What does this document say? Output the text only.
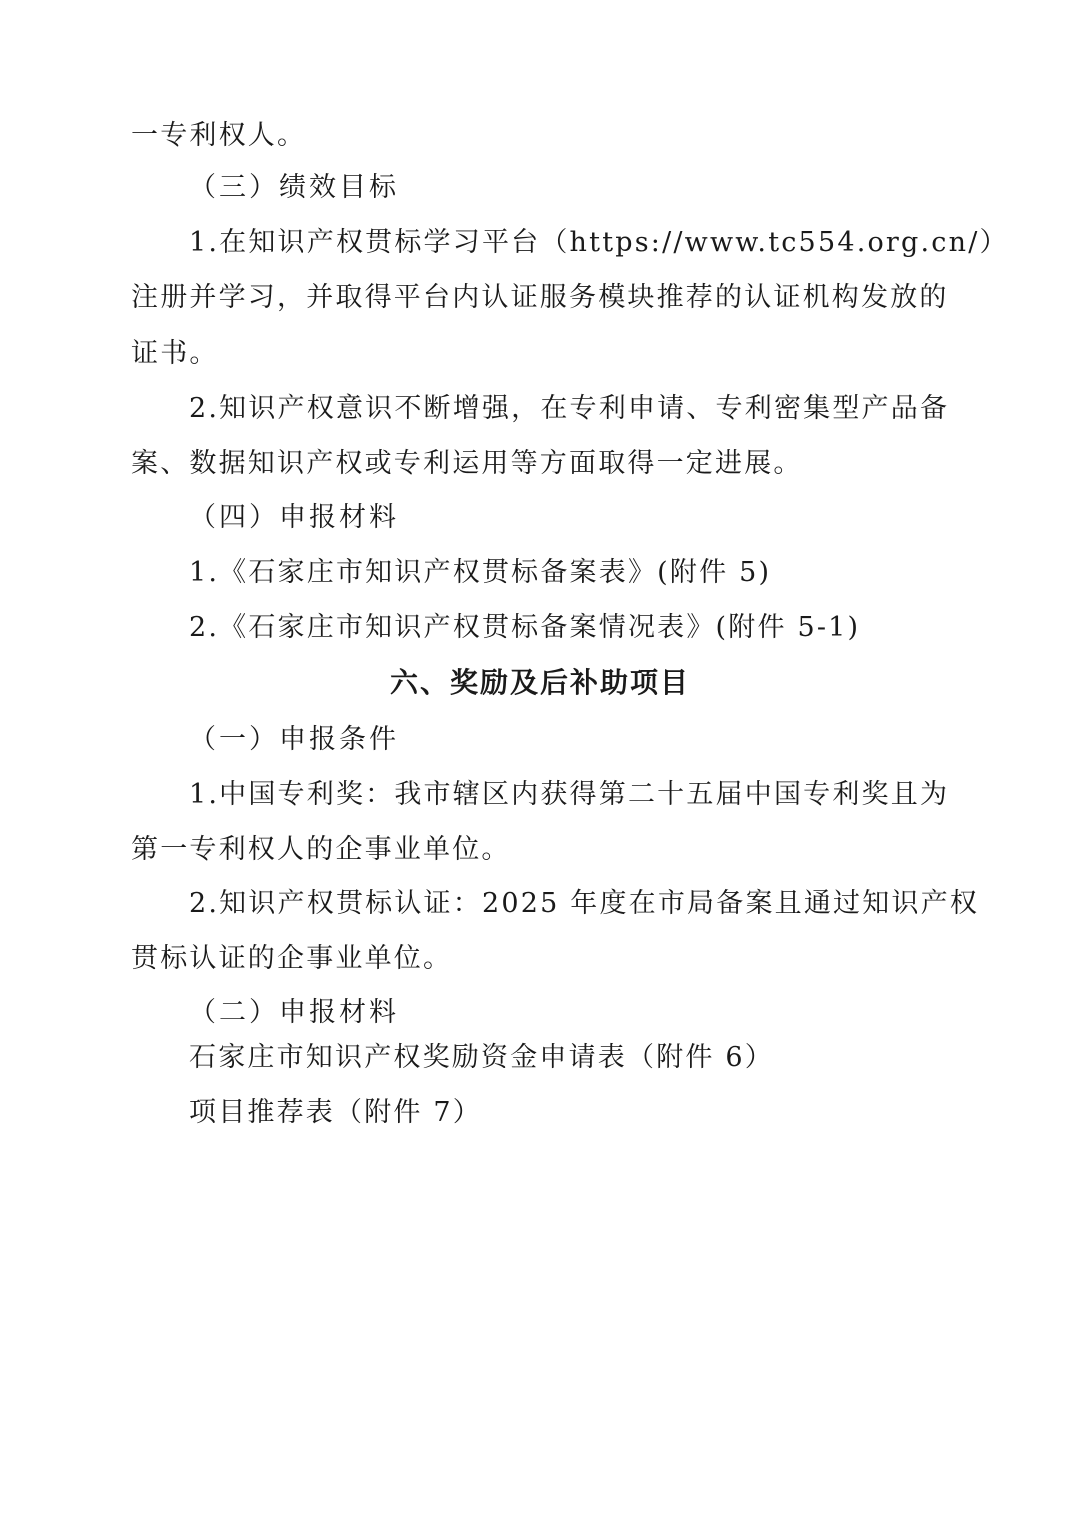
一专利权人。
（三）绩效目标
1.在知识产权贯标学习平台（https://www.tc554.org.cn/）
注册并学习，并取得平台内认证服务模块推荐的认证机构发放的
证书。
2.知识产权意识不断增强，在专利申请、专利密集型产品备
案、数据知识产权或专利运用等方面取得一定进展。
（四）申报材料
1.《石家庄市知识产权贯标备案表》(附件 5)
2.《石家庄市知识产权贯标备案情况表》(附件 5-1)
六、奖励及后补助项目
（一）申报条件
1.中国专利奖：我市辖区内获得第二十五届中国专利奖且为
第一专利权人的企事业单位。
2.知识产权贯标认证：2025 年度在市局备案且通过知识产权
贯标认证的企事业单位。
（二）申报材料
石家庄市知识产权奖励资金申请表（附件 6）
项目推荐表（附件 7）
